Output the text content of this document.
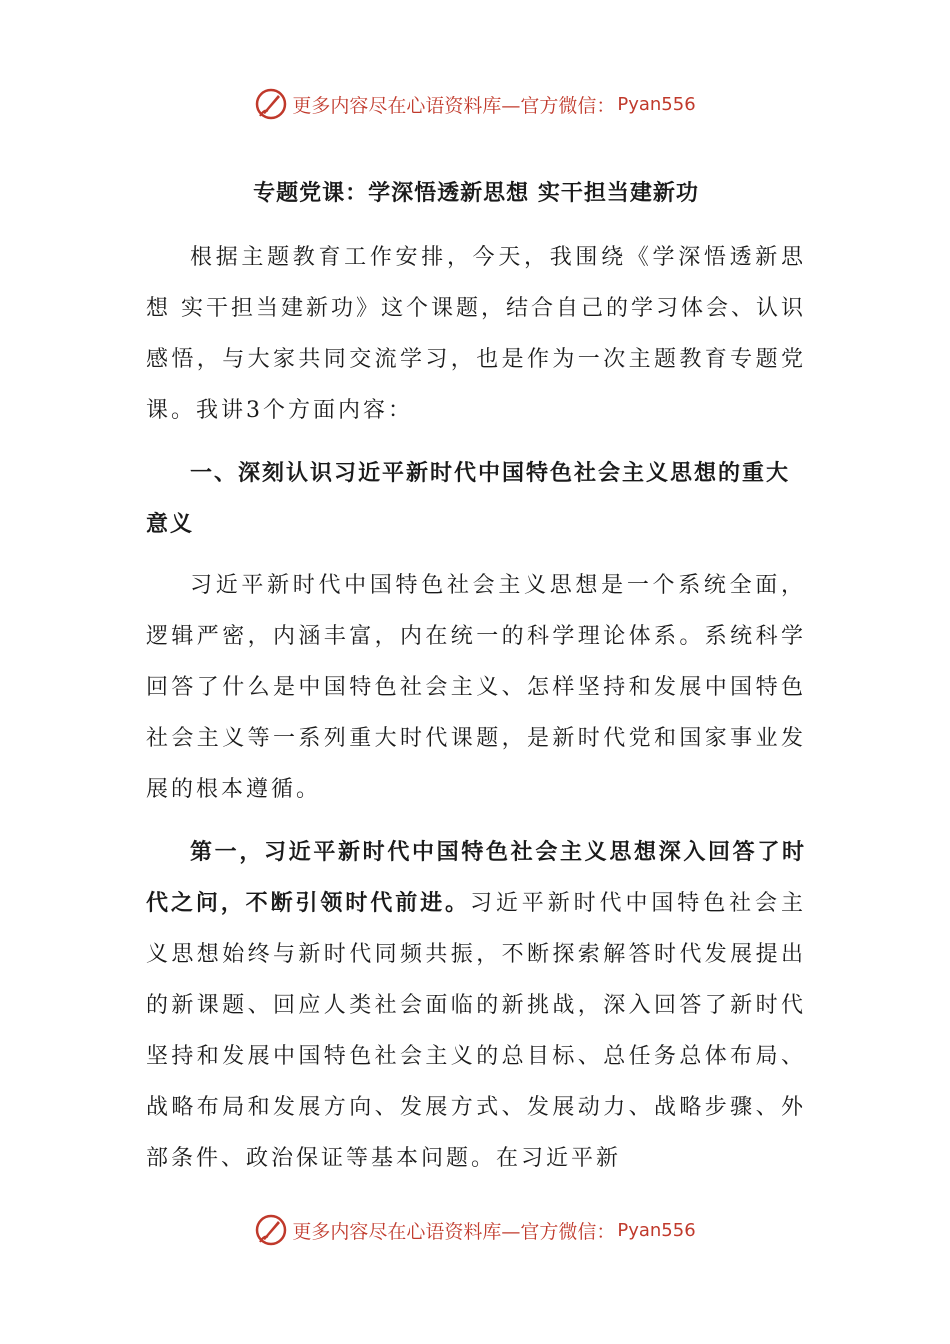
更多内容尽在心语资料库—官方微信： Pyan556
专题党课：学深悟透新思想 实干担当建新功

根据主题教育工作安排，今天，我围绕《学深悟透新思想 实干担当建新功》这个课题，结合自己的学习体会、认识感悟，与大家共同交流学习，也是作为一次主题教育专题党课。我讲3个方面内容：

一、深刻认识习近平新时代中国特色社会主义思想的重大意义

习近平新时代中国特色社会主义思想是一个系统全面，逻辑严密，内涵丰富，内在统一的科学理论体系。系统科学回答了什么是中国特色社会主义、怎样坚持和发展中国特色社会主义等一系列重大时代课题，是新时代党和国家事业发展的根本遵循。

第一，习近平新时代中国特色社会主义思想深入回答了时代之问，不断引领时代前进。习近平新时代中国特色社会主义思想始终与新时代同频共振，不断探索解答时代发展提出的新课题、回应人类社会面临的新挑战，深入回答了新时代坚持和发展中国特色社会主义的总目标、总任务总体布局、战略布局和发展方向、发展方式、发展动力、战略步骤、外部条件、政治保证等基本问题。在习近平新

更多内容尽在心语资料库—官方微信： Pyan556
